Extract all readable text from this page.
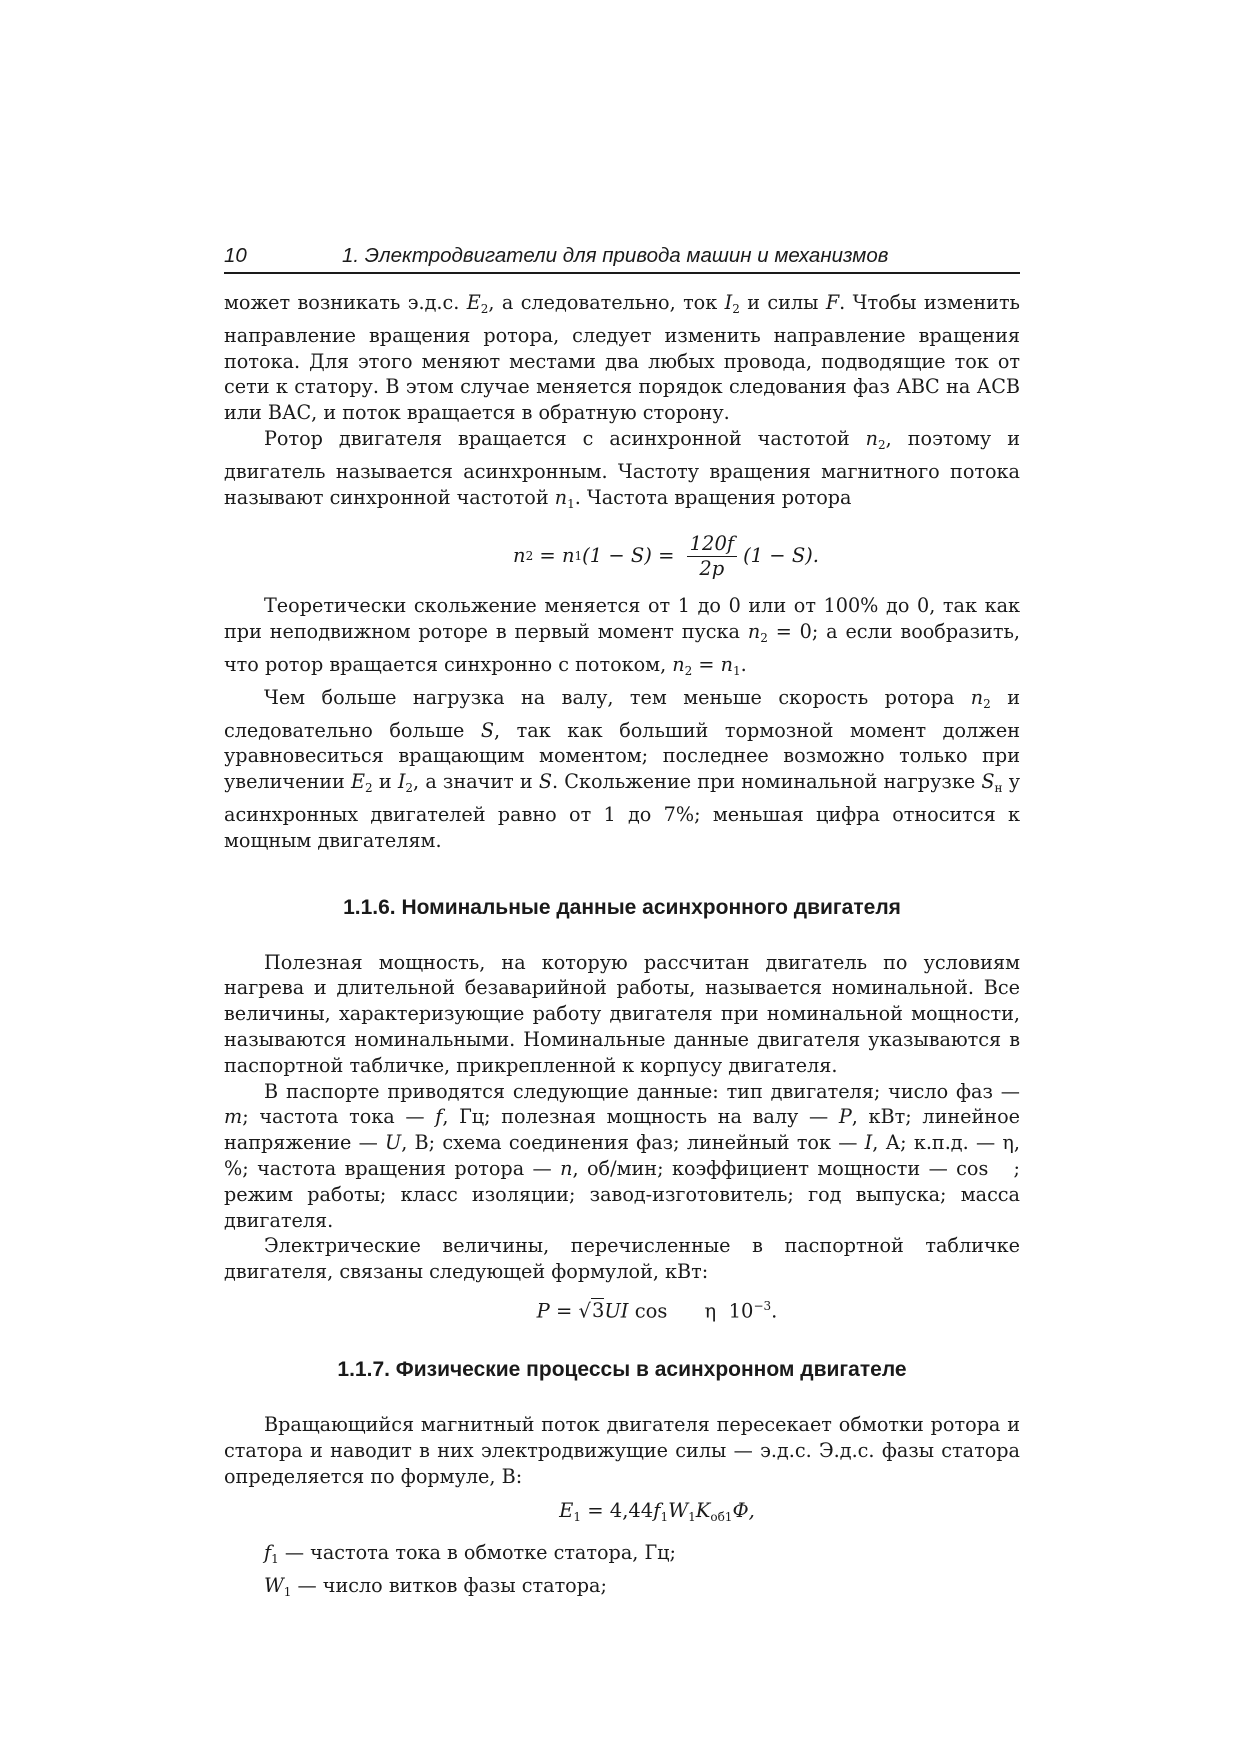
10	1. Электродвигатели для привода машин и механизмов

может возникать э.д.с. $E_2$, а следовательно, ток $I_2$ и силы F. Чтобы изменить направление вращения ротора, следует изменить направление вращения потока. Для этого меняют местами два любых провода, подводящие ток от сети к статору. В этом случае меняется порядок следования фаз АВС на АСВ или ВАС, и поток вращается в обратную сторону.

Ротор двигателя вращается с асинхронной частотой $n_2$, поэтому и двигатель называется асинхронным. Частоту вращения магнитного потока называют синхронной частотой $n_1$. Частота вращения ротора

n 2 = n 1 $(1 - S) = \frac{120f}{2p} (1 - S)$.

Теоретически скольжение меняется от 1 до 0 или от 100% до 0, так как при неподвижном роторе в первый момент пуска $n_2 = 0$; а если вообразить, что ротор вращается синхронно с потоком, $n_2 = n_1$.

Чем больше нагрузка на валу, тем меньше скорость ротора $n_2$ и следовательно больше S, так как больший тормозной момент должен уравновеситься вращающим моментом; последнее возможно только при увеличении $E_2$ и $I_2$, а значит и S. Скольжение при номинальной нагрузке $S_н$ у асинхронных двигателей равно от 1 до 7%; меньшая цифра относится к мощным двигателям.

1.1.6. Номинальные данные асинхронного двигателя

Полезная мощность, на которую рассчитан двигатель по условиям нагрева и длительной безаварийной работы, называется номинальной. Все величины, характеризующие работу двигателя при номинальной мощности, называются номинальными. Номинальные данные двигателя указываются в паспортной табличке, прикрепленной к корпусу двигателя.

В паспорте приводятся следующие данные: тип двигателя; число фаз — m; частота тока — f, Гц; полезная мощность на валу — P, кВт; линейное напряжение — U, В; схема соединения фаз; линейный ток — I, А; к.п.д. — η, %; частота вращения ротора — n, об/мин; коэффициент мощности — cos   ; режим работы; класс изоляции; завод-изготовитель; год выпуска; масса двигателя.

Электрические величины, перечисленные в паспортной табличке двигателя, связаны следующей формулой, кВт:

P = √3UI cos      η  $10^{-3}$.
1.1.7. Физические процессы в асинхронном двигателе

Вращающийся магнитный поток двигателя пересекает обмотки ротора и статора и наводит в них электродвижущие силы — э.д.с. Э.д.с. фазы статора определяется по формуле, В:

$E_1 = 4,44f_1W_1K_{об1}Ф$,

$f_1$ — частота тока в обмотке статора, Гц;

$W_1$ — число витков фазы статора;
